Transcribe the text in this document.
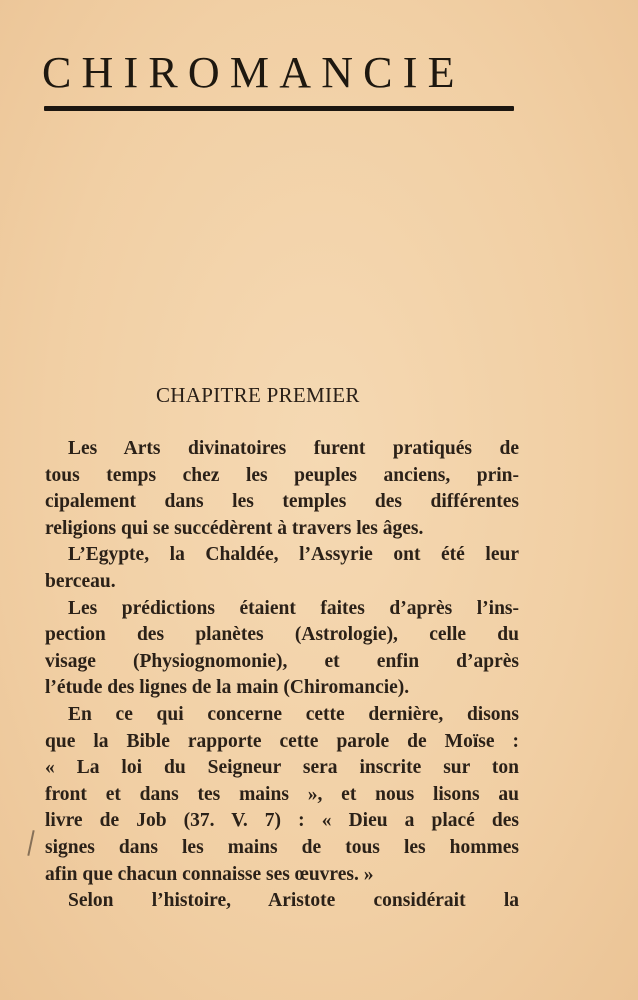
CHIROMANCIE
CHAPITRE PREMIER
Les Arts divinatoires furent pratiqués de
tous temps chez les peuples anciens, prin-
cipalement dans les temples des différentes
religions qui se succédèrent à travers les âges.
L’Egypte, la Chaldée, l’Assyrie ont été leur
berceau.
Les prédictions étaient faites d’après l’ins-
pection des planètes (Astrologie), celle du
visage (Physiognomonie), et enfin d’après
l’étude des lignes de la main (Chiromancie).
En ce qui concerne cette dernière, disons
que la Bible rapporte cette parole de Moïse :
« La loi du Seigneur sera inscrite sur ton
front et dans tes mains », et nous lisons au
livre de Job (37. V. 7) : « Dieu a placé des
signes dans les mains de tous les hommes
afin que chacun connaisse ses œuvres. »
Selon l’histoire, Aristote considérait la
